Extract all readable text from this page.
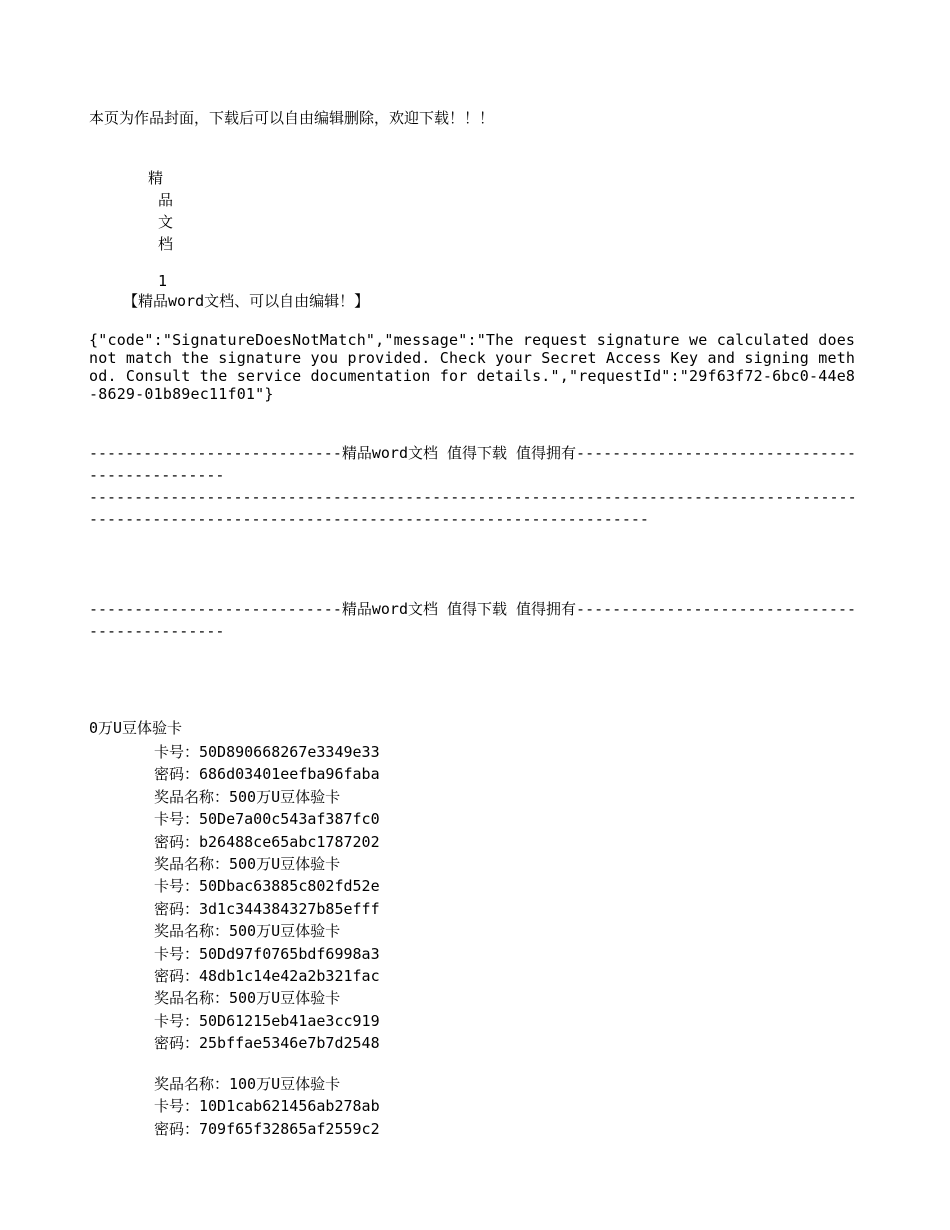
本页为作品封面，下载后可以自由编辑删除，欢迎下载！！！
精
品
文
档
1
【精品word文档、可以自由编辑！】
{"code":"SignatureDoesNotMatch","message":"The request signature we calculated does not match the signature you provided. Check your Secret Access Key and signing method. Consult the service documentation for details.","requestId":"29f63f72-6bc0-44e8-8629-01b89ec11f01"}
----------------------------精品word文档 值得下载 值得拥有----------------------------------------------
---------------------------------------------------------------------------------------------------------------------------------------------------
----------------------------精品word文档 值得下载 值得拥有----------------------------------------------
0万U豆体验卡
卡号：50D890668267e3349e33
密码：686d03401eefba96faba
奖品名称：500万U豆体验卡
卡号：50De7a00c543af387fc0
密码：b26488ce65abc1787202
奖品名称：500万U豆体验卡
卡号：50Dbac63885c802fd52e
密码：3d1c344384327b85efff
奖品名称：500万U豆体验卡
卡号：50Dd97f0765bdf6998a3
密码：48db1c14e42a2b321fac
奖品名称：500万U豆体验卡
卡号：50D61215eb41ae3cc919
密码：25bffae5346e7b7d2548
奖品名称：100万U豆体验卡
卡号：10D1cab621456ab278ab
密码：709f65f32865af2559c2
